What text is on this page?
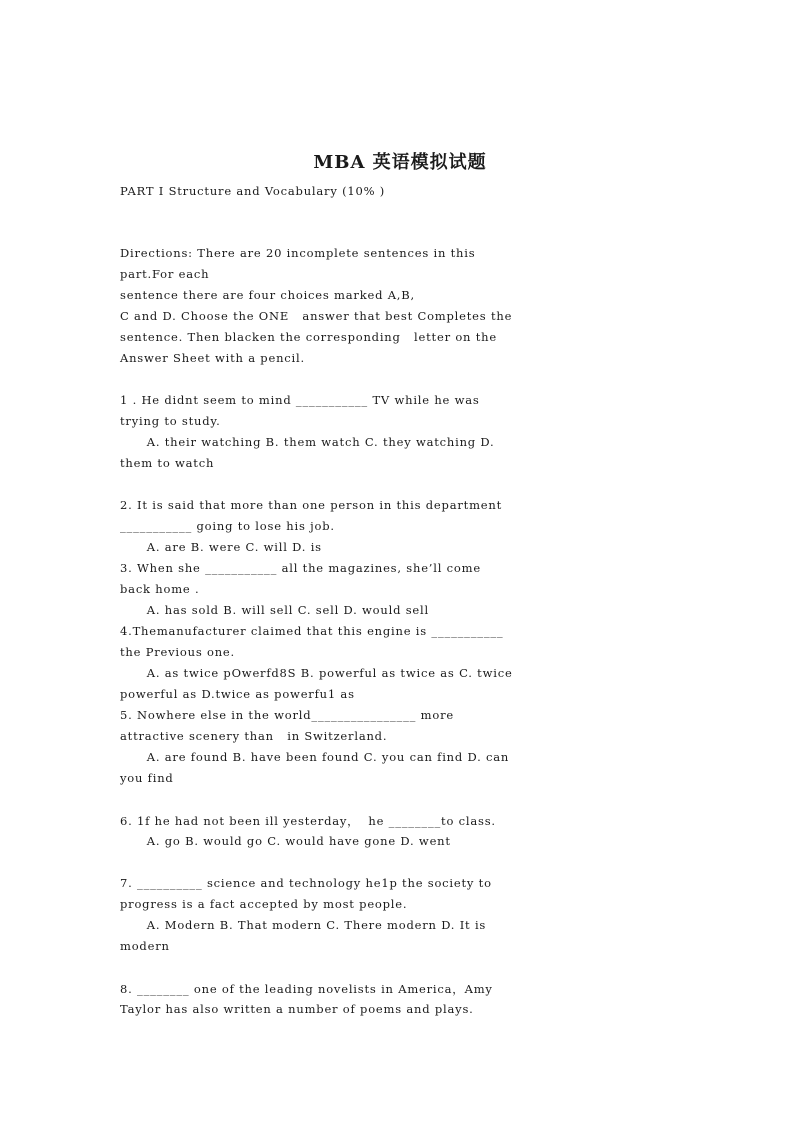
MBA 英语模拟试题
PART I Structure and Vocabulary (10% )
Directions: There are 20 incomplete sentences in this
part.For each
sentence there are four choices marked A,B,
C and D. Choose the ONE   answer that best Completes the
sentence. Then blacken the corresponding   letter on the
Answer Sheet with a pencil.
1 . He didnt seem to mind ___________ TV while he was
trying to study.
A. their watching B. them watch C. they watching D.
them to watch
2. It is said that more than one person in this department
___________ going to lose his job.
A. are B. were C. will D. is
3. When she ___________ all the magazines, she’ll come
back home .
A. has sold B. will sell C. sell D. would sell
4.Themanufacturer claimed that this engine is ___________
the Previous one.
A. as twice pOwerfd8S B. powerful as twice as C. twice
powerful as D.twice as powerfu1 as
5. Nowhere else in the world________________ more
attractive scenery than   in Switzerland.
A. are found B. have been found C. you can find D. can
you find
6. 1f he had not been ill yesterday，  he ________to class.
A. go B. would go C. would have gone D. went
7. __________ science and technology he1p the society to
progress is a fact accepted by most people.
A. Modern B. That modern C. There modern D. It is
modern
8. ________ one of the leading novelists in America，Amy
Taylor has also written a number of poems and plays.
